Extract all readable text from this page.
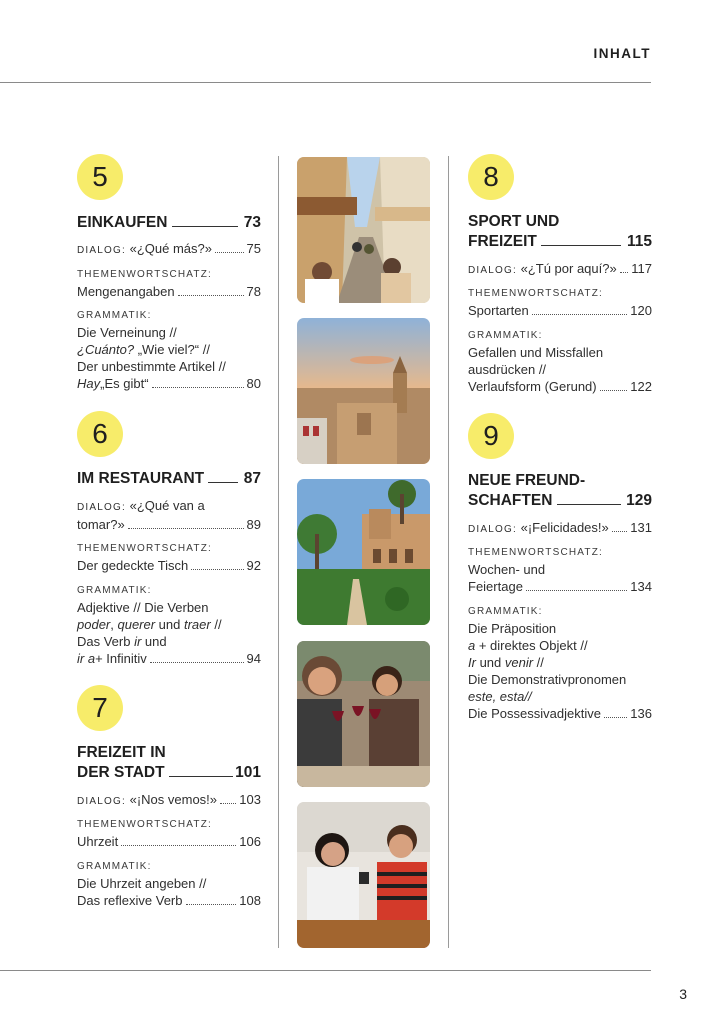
INHALT
5
EINKAUFEN	73
DIALOG:
«¿Qué más?»	75
THEMENWORTSCHATZ:
Mengenangaben	78
GRAMMATIK:
Die Verneinung //
¿Cuánto? „Wie viel?“ //
Der unbestimmte Artikel //
Hay „Es gibt“	80
6
IM RESTAURANT	87
DIALOG: «¿Qué van a
tomar?»	89
THEMENWORTSCHATZ:
Der gedeckte Tisch	92
GRAMMATIK:
Adjektive // Die Verben
poder, querer und traer //
Das Verb ir und
ir a + Infinitiv	94
7
FREIZEIT IN
DER STADT	101
DIALOG:
«¡Nos vemos!» 103
THEMENWORTSCHATZ:
Uhrzeit	106
GRAMMATIK:
Die Uhrzeit angeben //
Das reflexive Verb	108
8
SPORT UND
FREIZEIT	115
DIALOG:
«¿Tú por aquí?» 117
THEMENWORTSCHATZ:
Sportarten	120
GRAMMATIK:
Gefallen und Missfallen
ausdrücken //
Verlaufsform (Gerund)	122
9
NEUE FREUND-
SCHAFTEN	129
DIALOG:
«¡Felicidades!» 131
THEMENWORTSCHATZ:
Wochen- und
Feiertage	134
GRAMMATIK:
Die Präposition
a + direktes Objekt //
Ir und venir //
Die Demonstrativpronomen
este, esta//
Die Possessivadjektive 136
3
